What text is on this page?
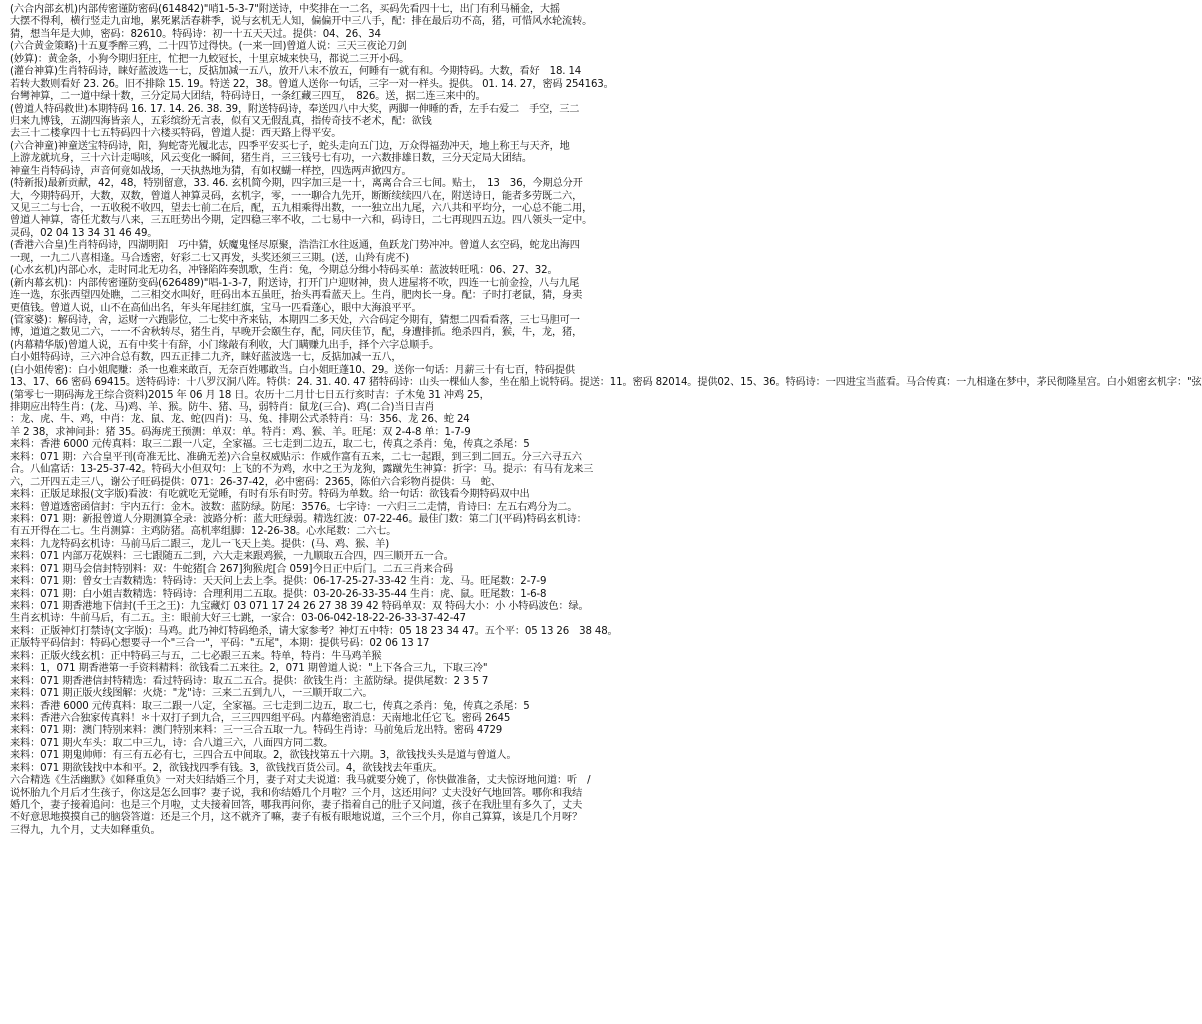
(六合内部玄机)内部传密谨防密码(614842)"哨1-5-3-7"附送诗，中奖排在一二名，买码先看四十七，出门有利马桶金，大摇
大摆不得利，横行竖走九亩地，累死累活春耕季，说与玄机无人知，偏偏开中三八手，配：排在最后功不高，猪，可惜风水轮流转。
猜，想当年是大帅，密码：82610。特码诗：初一十五天天过。提供：04、26、34
(六合黄金策略)十五夏季醉三鸦，二十四节过得快。(一来一回)曾道人说：三天三夜论刀剑
(妙算)：黄金条，小狗今期归狂庄，忙把一九蛟冠长，十里京城来快马，都说二三开小码。
(灌台神算)生肖特码诗，睐好蓝波选一七，反掂加减一五八，放开八末不放五，何睡有一就有和。今期特码。大数，看好　18. 14
若转大数则看好 23. 26。旧不排除 15. 19。特送 22，38。曾道人送你一句话，三字一对一样头。提供。 01. 14. 27，密码 254163。
台彎神算，二一道中绿十数，三分定局大团结，特码诗日，一条红藏三四互，　826。送，据二连三来中的。
(曾道人特码救世)本期特码 16. 17. 14. 26. 38. 39，附送特码诗，奉送四八中大奖，两脚一伸睡的香，左手右爱二　手空，三二
归来九博钱，五湖四海皆亲人，五彩缤纷无言表，似有又无假乱真，指传奇技不老术，配：欲钱
去三十二楼拿四十七五特码四十六楼买特码，曾道人提：西天路上得平安。
(六合神童)神童送宝特码诗，阳，狗蛇寄光履北志，四季平安买七子，蛇头走向五门边，万众得福劲冲天，地上称王与天齐，地
上游龙就坑身，三十六计走喝咳，风云变化一瞬间，猪生肖，三三钱号七有功，一六数排雄日数，三分天定局大团结。
神童生肖特码诗，声音何竟如战场，一天执热地为猜，有如权蝴一样控，四选两声掀四方。
(特新报)最新贡献，42，48，特别留意，33. 46. 玄机简今期，四字加三是一十，离离合合三七间。贴士，　13　36，今期总分开
大，今期特码开，大数，双数，曾道人神算灵码，玄机字，零，一一聊合九先开，断断续续四八在，附送诗日，能者多劳既二六，
又见三二与七合，一五收税不收四，望去七前二在后，配，五九相乘得出数，一一独立出九尾，六八共和平均分，一心总不能二用，
曾道人神算，寄任尤数与八来，三五旺势出今期，定四稳三率不收，二七易中一六和，码诗日，二七再现四五边。四八领头一定中。
灵码，02 04 13 34 31 46 49。
(香港六合皇)生肖特码诗，四湖明阳　巧中猜，妖魔鬼怪尽原聚，浩浩江水往返通，鱼跃龙门势冲冲。曾道人玄空码，蛇龙出海四
一现，一九二八喜相逢。马合透密，好彩二七又再发，头奖还须三三期。(送，山羚有虎不)
(心水玄机)内部心水，走时同北无功名，冲锋陷阵奏凯歌，生肖：兔，今期总分缉小特码买单：蓝波转旺吼：06、27、32。
(新内幕玄机)：内部传密谨防变码(626489)"唱-1-3-7，附送诗，打开门户迎财神，贵人进屋将不吹，四连一七前金捡，八与九尾
连一选，东张西望四处瞧，二三相交水叫好，旺码出本五虽旺，抬头再看蓝天上。生肖，肥肉长一身。配：子时打老鼠，猜，身卖
更值钱。曾道人说，山不在高仙出名，年头年尾挂红旗，宝马一匹看蓬心，眼中大海浪平平。
(管家婆)：解码诗，舍，运财一六跑影位，二七奖中齐来钻，本期四二多天处，六合码定今期有，猜想二四看看落，三七马胆可一
博，道道之数见二六，一一不舍秋转尽，猪生肖，早晚开会颐生存，配，同庆佳节，配，身遭排抓。绝杀四肖，猴，牛，龙，猪，
(内幕精华版)曾道人说，五有中奖十有辞，小门缘敲有利收，大门瞒赚九出手，择个六字总顺手。
白小姐特码诗，三六冲合总有数，四五正排二九齐，睐好蓝波选一七，反掂加减一五八，
(白小姐传密)：白小姐爬赚：杀一也难来敢百，无奈百姓哪敢当。白小姐旺蓬10、29。送你一句话：月薪三十有七百，特码提供
13、17、66 密码 69415。送特码诗：十八罗汉洞八阵。特供：24. 31. 40. 47 猪特码诗：山头一棵仙人参，坐在船上说特码。提送：11。密码 82014。提供02、15、36。特码诗：一四进宝当蓝看。马合传真：一九相逢在梦中，茅民彻隆星宫。白小姐密玄机字："弦
(第零七一期码海龙王综合资料)2015 年 06 月 18 日。农历十二月廿七日五行亥时吉：子木兔 31 冲鸡 25，
排期应出特生肖：(龙、马)鸡、羊、猴。防牛、猪、马，弱特肖：鼠龙(三合)、鸡(二合)当日吉肖
：龙、虎、牛、鸡，中肖：龙、鼠、龙、蛇(四肖)：马、兔、排期公式杀特肖：马：356、龙 26、蛇 24
羊 2 38，求神问卦：猪 35。码海虎王预测：单双：单。特肖：鸡、猴、羊。旺尾：双 2-4-8 单：1-7-9
来料：香港 6000 元传真料：取三二跟一八定，全家福。三七走到二边五，取二七，传真之杀肖：兔，传真之杀尾：5
来料：071 期：六合皇平刊(奇准无比、准确无差)六合皇权威贴示：作威作富有五来，二七一起跟，到三到二回五。分三六寻五六
合。八仙富话：13-25-37-42。特码大小但双句：上飞的不为鸡，水中之王为龙狗，露蹴先生神算：折字：马。提示：有马有龙来三
六，二开四五走三八，谢公子旺码提供：071：26-37-42，必中密码：2365，陈伯六合彩物肖提供：马　蛇、
来料：正版足球报(文字版)看波：有吃就吃无觉睡，有时有乐有时劳。特码为单数。给一句话：欲钱看今期特码双中出
来料：曾道透密函信封：宇内五行：金木。波数：蓝防绿。防尾：3576。七字诗：一六归三二走情，肯诗曰：左五右鸡分为二。
来料：071 期：新报曾道人分期测算全录：波路分析：蓝大旺绿弱。精选红波：07-22-46。最佳门数：第二门(平码)特码玄机诗：
有五开得在二七。生肖测算：主鸡防猪。高机率组脚：12-26-38。心水尾数：二六七。
来料：九龙特码玄机诗：马前马后二跟三，龙儿一飞天上美。提供：(马、鸡、猴、羊)
来料：071 内部万花娱料：三七跟随五二到，六大走来跟鸡猴，一九顺取五合四，四三顺开五一合。
来料：071 期马会信封特别料：双：牛蛇猪[合 267]狗猴虎[合 059]今日正中后门。二五三肖来合码
来料：071 期：曾女士吉数精选：特码诗：天天问上去上李。提供：06-17-25-27-33-42 生肖：龙、马。旺尾数：2-7-9
来料：071 期：白小姐吉数精选：特码诗：合理利用二五取。提供：03-20-26-33-35-44 生肖：虎、鼠。旺尾数：1-6-8
来料：071 期香港地下信封(千王之王)：九宝藏灯 03 071 17 24 26 27 38 39 42 特码单双：双 特码大小：小 小特码波色：绿。
生肖玄机诗：牛前马后，有二五。主：眼前大好三七跳，一家合：03-06-042-18-22-26-33-37-42-47
来料：正版神灯打禁诗(文字版)：马鸡。此乃神灯特码绝杀，请大家参考？神灯五中特：05 18 23 34 47。五个平：05 13 26　38 48。
正版特平码信封：特码心想要寻一个"三合一"，平码："五尾"，本期：提供号码：02 06 13 17
来料：正版火线玄机：正中特码三与五，二七必跟三五来。特单，特肖：牛马鸡羊猴
来料：1，071 期香港第一手资料精料：欲钱看二五来往。2，071 期曾道人说："上下各合三九，下取三冷"
来料：071 期香港信封特精选：看过特码诗：取五二五合。提供：欲钱生肖：主蓝防绿。提供尾数：2 3 5 7
来料：071 期正版火线图解：火烧："龙"诗：三来二五到九八，一三顺开取二六。
来料：香港 6000 元传真料：取三二跟一八定，全家福。三七走到二边五，取二七，传真之杀肖：兔，传真之杀尾：5
来料：香港六合独家传真料！＊十双打子到九合，三三四四组平码。内幕绝密消息：天南地北任它飞。密码 2645
来料：071 期：澳门特别来料：澳门特别来料：三一三合五取一九。特码生肖诗：马前兔后龙出特。密码 4729
来料：071 期火车头：取二中三九，诗：合八道三六，八面四方同二数。
来料：071 期鬼帅师：有三有五必有七，三四合五中间取。2，欲钱找第五十六期。3，欲钱找头头是道与曾道人。
来料：071 期欲钱找中本和平。2，欲钱找四季有钱。3，欲钱找百货公司。4，欲钱找去年重庆。
六合精选《生活幽默》《如释重负》一对夫妇结婚三个月，妻子对丈夫说道：我马就要分娩了，你快做准备，丈夫惊讶地问道：听　/
说怀胎九个月后才生孩子，你这是怎么回事？妻子说，我和你结婚几个月啦？三个月，这还用问？丈夫没好气地回答。哪你和我结
婚几个，妻子接着追问：也是三个月啦，丈夫接着回答，哪我再问你，妻子指着自己的肚子又问道，孩子在我肚里有多久了，丈夫
不好意思地摸摸自己的脑袋答道：还是三个月，这不就齐了嘛，妻子有板有眼地说道，三个三个月，你自己算算，该是几个月呀？
三得九，九个月，丈夫如释重负。
